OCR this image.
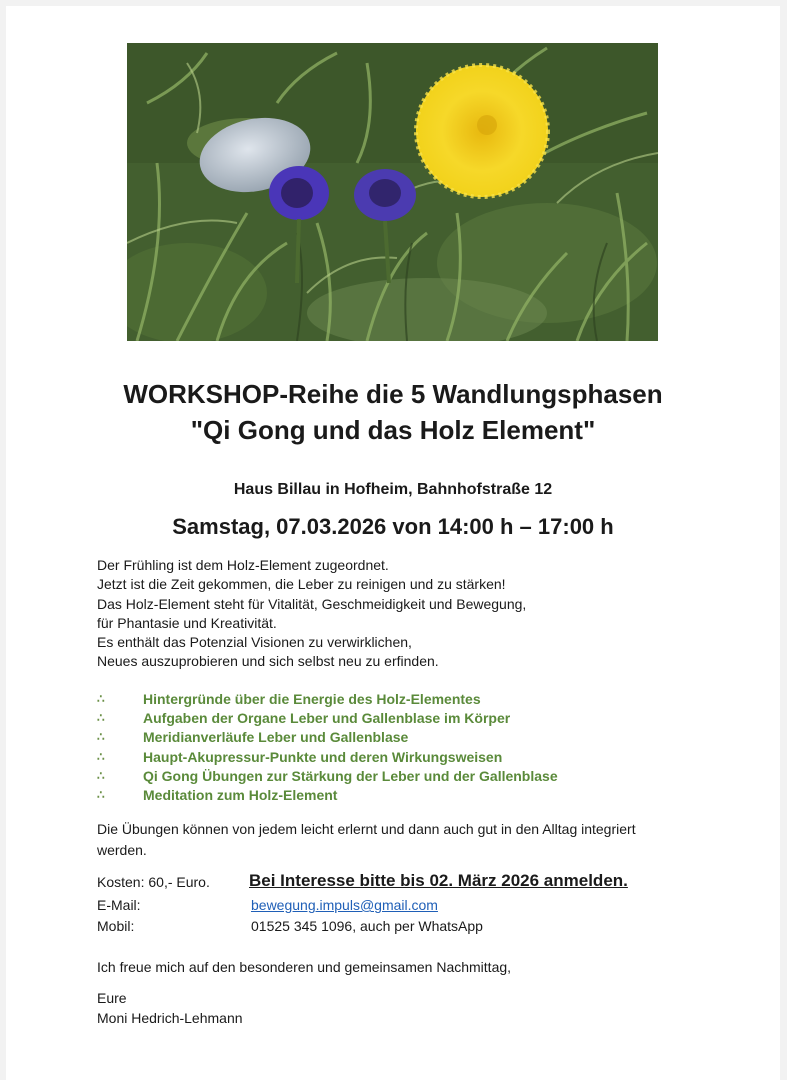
WORKSHOP-Reihe die 5 Wandlungsphasen
"Qi Gong und das Holz Element"

Haus Billau in Hofheim, Bahnhofstraße 12

Samstag, 07.03.2026 von 14:00 h – 17:00 h

Der Frühling ist dem Holz-Element zugeordnet.
Jetzt ist die Zeit gekommen, die Leber zu reinigen und zu stärken!
Das Holz-Element steht für Vitalität, Geschmeidigkeit und Bewegung,
für Phantasie und Kreativität.
Es enthält das Potenzial Visionen zu verwirklichen,
Neues auszuprobieren und sich selbst neu zu erfinden.
∴	Hintergründe über die Energie des Holz-Elementes
∴	Aufgaben der Organe Leber und Gallenblase im Körper
∴	Meridianverläufe Leber und Gallenblase
∴	Haupt-Akupressur-Punkte und deren Wirkungsweisen
∴	Qi Gong Übungen zur Stärkung der Leber und der Gallenblase
∴	Meditation zum Holz-Element

Die Übungen können von jedem leicht erlernt und dann auch gut in den Alltag integriert werden.

Kosten: 60,- Euro. Bei Interesse bitte bis 02. März 2026 anmelden.
E-Mail:	bewegung.impuls@gmail.com
Mobil:	01525 345 1096, auch per WhatsApp

Ich freue mich auf den besonderen und gemeinsamen Nachmittag,

Eure
Moni Hedrich-Lehmann
